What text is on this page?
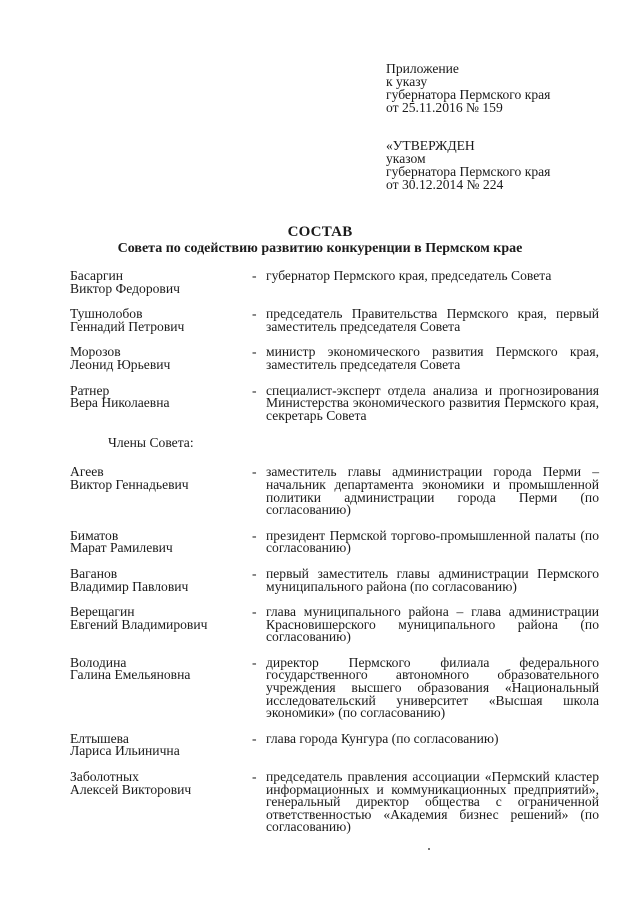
Приложение
к указу
губернатора Пермского края
от 25.11.2016 № 159
«УТВЕРЖДЕН
указом
губернатора Пермского края
от 30.12.2014 № 224
СОСТАВ
Совета по содействию развитию конкуренции в Пермском крае
Басаргин
Виктор Федорович
- губернатор Пермского края, председатель Совета
Тушнолобов
Геннадий Петрович
- председатель Правительства Пермского края, первый заместитель председателя Совета
Морозов
Леонид Юрьевич
- министр экономического развития Пермского края, заместитель председателя Совета
Ратнер
Вера Николаевна
- специалист-эксперт отдела анализа и прогнозирования Министерства экономического развития Пермского края, секретарь Совета
Члены Совета:
Агеев
Виктор Геннадьевич
- заместитель главы администрации города Перми – начальник департамента экономики и промышленной политики администрации города Перми (по согласованию)
Биматов
Марат Рамилевич
- президент Пермской торгово-промышленной палаты (по согласованию)
Ваганов
Владимир Павлович
- первый заместитель главы администрации Пермского муниципального района (по согласованию)
Верещагин
Евгений Владимирович
- глава муниципального района – глава администрации Красновишерского муниципального района (по согласованию)
Володина
Галина Емельяновна
- директор Пермского филиала федерального государственного автономного образовательного учреждения высшего образования «Национальный исследовательский университет «Высшая школа экономики» (по согласованию)
Елтышева
Лариса Ильинична
- глава города Кунгура (по согласованию)
Заболотных
Алексей Викторович
- председатель правления ассоциации «Пермский кластер информационных и коммуникационных предприятий», генеральный директор общества с ограниченной ответственностью «Академия бизнес решений» (по согласованию)
